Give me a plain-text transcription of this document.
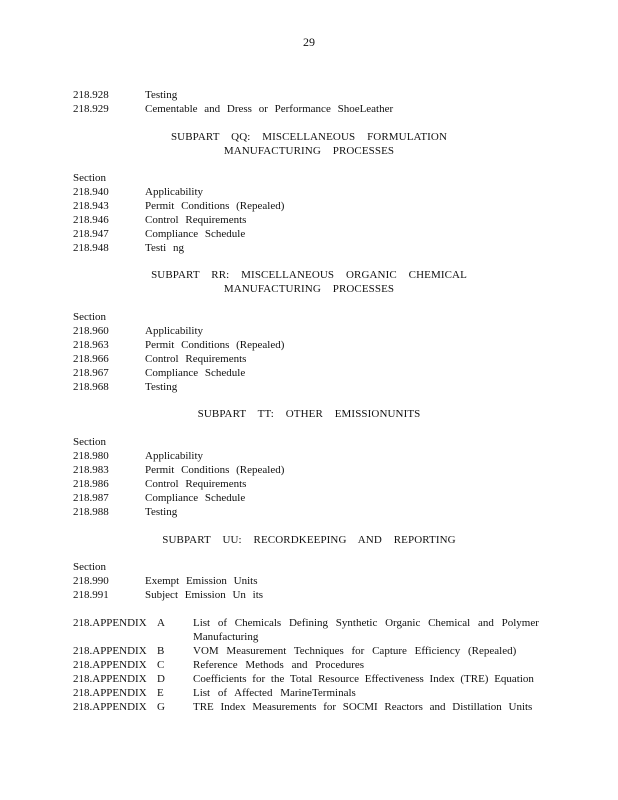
29
218.928	Testing
218.929	Cementable and Dress or Performance ShoeLeather
SUBPART QQ: MISCELLANEOUS FORMULATION
MANUFACTURING PROCESSES
Section
218.940	Applicability
218.943	Permit Conditions (Repealed)
218.946	Control Requirements
218.947	Compliance Schedule
218.948	Testi ng
SUBPART RR: MISCELLANEOUS ORGANIC CHEMICAL
MANUFACTURING PROCESSES
Section
218.960	Applicability
218.963	Permit Conditions (Repealed)
218.966	Control Requirements
218.967	Compliance Schedule
218.968	Testing
SUBPART TT: OTHER EMISSIONUNITS
Section
218.980	Applicability
218.983	Permit Conditions (Repealed)
218.986	Control Requirements
218.987	Compliance Schedule
218.988	Testing
SUBPART UU: RECORDKEEPING AND REPORTING
Section
218.990	Exempt Emission Units
218.991	Subject Emission Un its
218.APPENDIX A	List of Chemicals Defining Synthetic Organic Chemical and Polymer Manufacturing
218.APPENDIX B	VOM Measurement Techniques for Capture Efficiency (Repealed)
218.APPENDIX C	Reference Methods and Procedures
218.APPENDIX D	Coefficients for the Total Resource Effectiveness Index (TRE) Equation
218.APPENDIX E	List of Affected MarineTerminals
218.APPENDIX G	TRE Index Measurements for SOCMI Reactors and Distillation Units
